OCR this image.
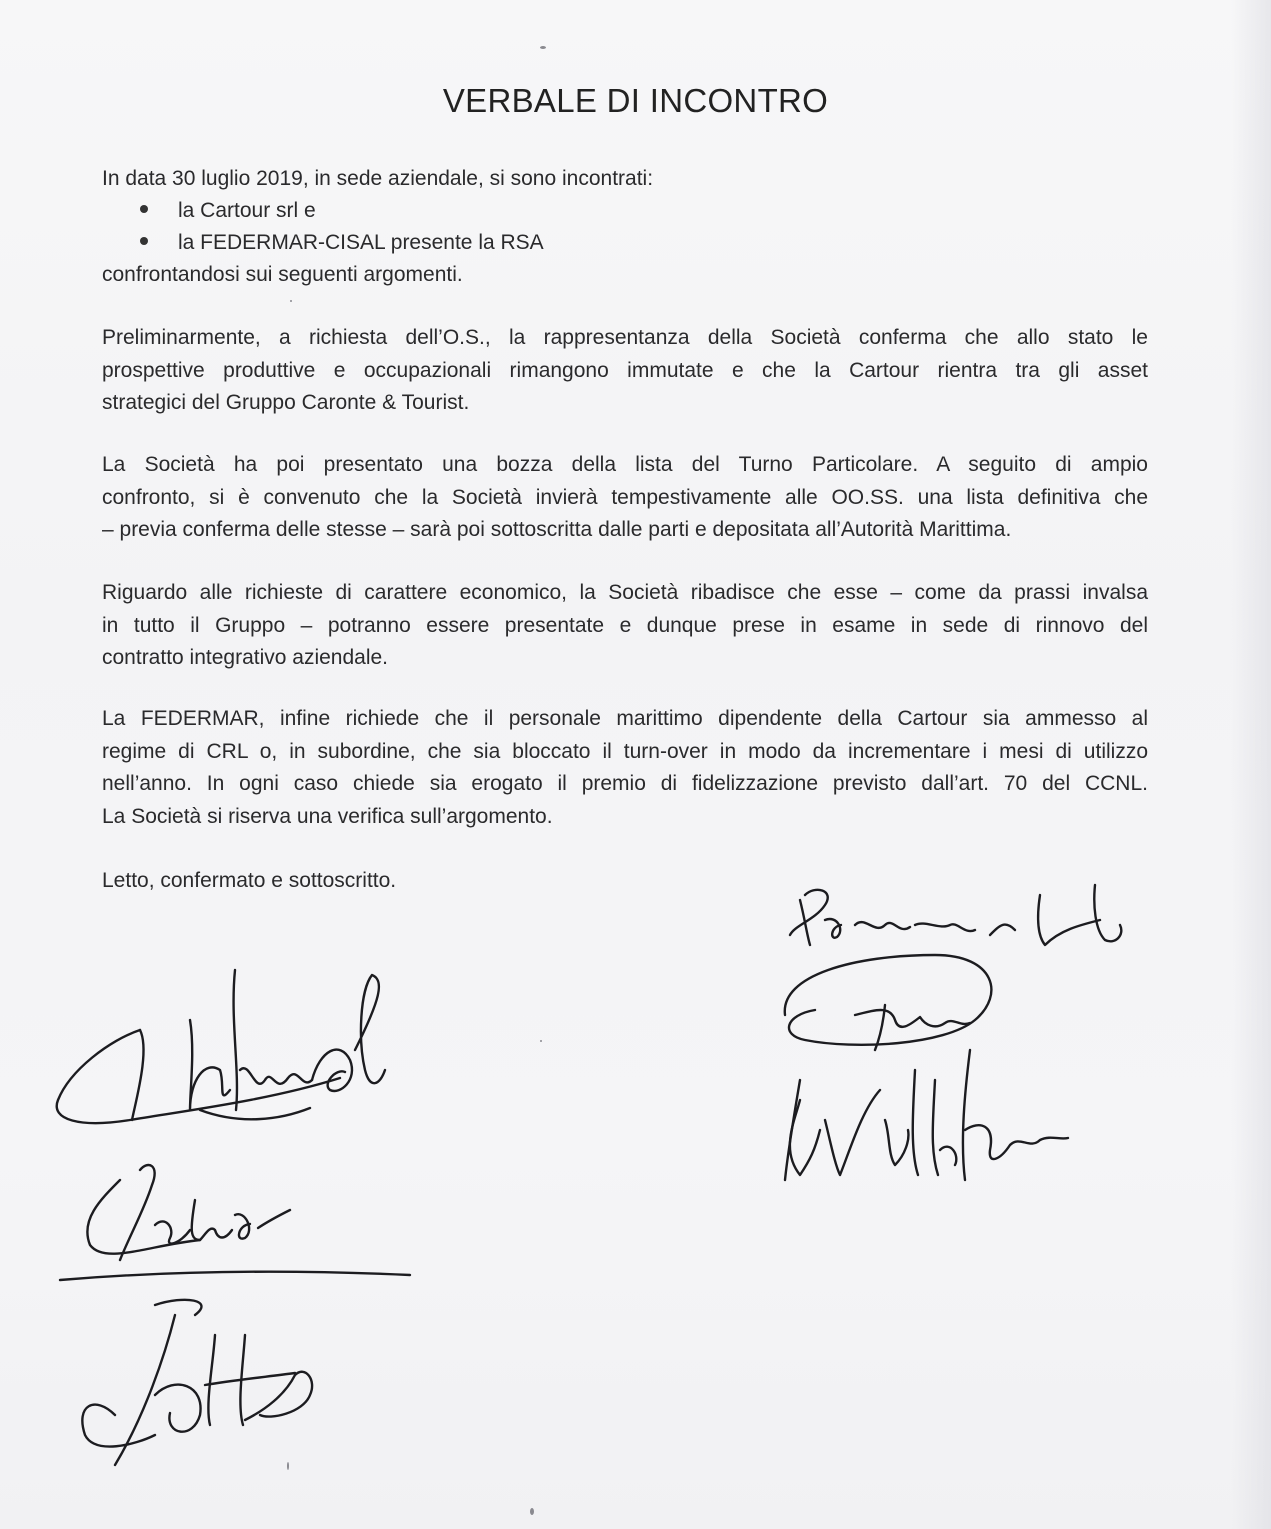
VERBALE DI INCONTRO
In data 30 luglio 2019, in sede aziendale, si sono incontrati:
la Cartour srl e
la FEDERMAR-CISAL presente la RSA
confrontandosi sui seguenti argomenti.
Preliminarmente, a richiesta dell’O.S., la rappresentanza della Società conferma che allo stato le
prospettive produttive e occupazionali rimangono immutate e che la Cartour rientra tra gli asset
strategici del Gruppo Caronte & Tourist.
La Società ha poi presentato una bozza della lista del Turno Particolare. A seguito di ampio
confronto, si è convenuto che la Società invierà tempestivamente alle OO.SS. una lista definitiva che
– previa conferma delle stesse – sarà poi sottoscritta dalle parti e depositata all’Autorità Marittima.
Riguardo alle richieste di carattere economico, la Società ribadisce che esse – come da prassi invalsa
in tutto il Gruppo – potranno essere presentate e dunque prese in esame in sede di rinnovo del
contratto integrativo aziendale.
La FEDERMAR, infine richiede che il personale marittimo dipendente della Cartour sia ammesso al
regime di CRL o, in subordine, che sia bloccato il turn-over in modo da incrementare i mesi di utilizzo
nell’anno. In ogni caso chiede sia erogato il premio di fidelizzazione previsto dall’art. 70 del CCNL.
La Società si riserva una verifica sull’argomento.
Letto, confermato e sottoscritto.
